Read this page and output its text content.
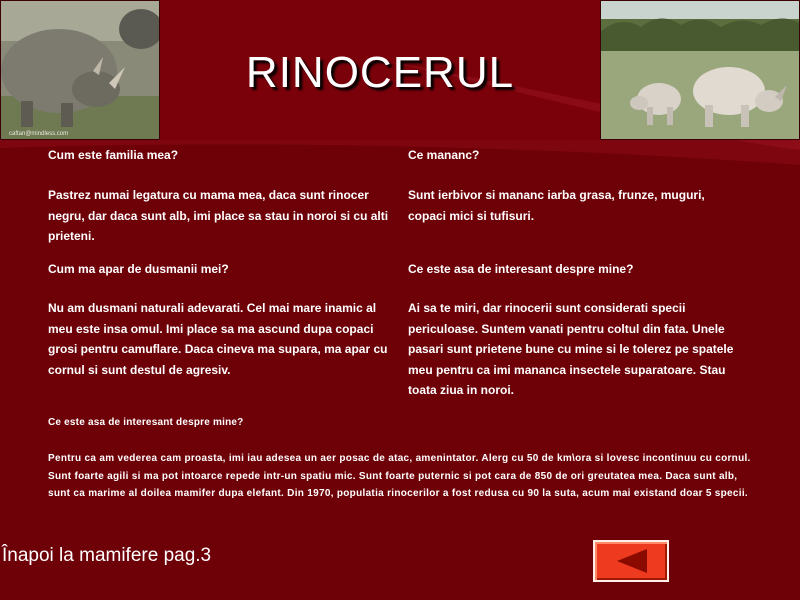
caftan@mindless.com
RINOCERUL
Cum este familia mea?
Pastrez numai legatura cu mama mea, daca sunt rinocer negru, dar daca sunt alb, imi place sa stau in noroi si cu alti prieteni.
Ce mananc?
Sunt ierbivor si mananc iarba grasa, frunze, muguri, copaci mici si tufisuri.
Cum ma apar de dusmanii mei?
Nu am dusmani naturali adevarati. Cel mai mare inamic al meu este insa omul. Imi place sa ma ascund dupa copaci grosi pentru camuflare. Daca cineva ma supara, ma apar cu cornul si sunt destul de agresiv.
Ce este asa de interesant despre mine?
Ai sa te miri, dar rinocerii sunt considerati specii periculoase. Suntem vanati pentru coltul din fata. Unele pasari sunt prietene bune cu mine si le tolerez pe spatele meu pentru ca imi mananca insectele suparatoare. Stau toata ziua in noroi.
Ce este asa de interesant despre mine?
Pentru ca am vederea cam proasta, imi iau adesea un aer posac de atac, amenintator. Alerg cu 50 de km\ora si lovesc incontinuu cu cornul. Sunt foarte agili si ma pot intoarce repede intr-un spatiu mic. Sunt foarte puternic si pot cara de 850 de ori greutatea mea. Daca sunt alb, sunt ca marime al doilea mamifer dupa elefant. Din 1970, populatia rinocerilor a fost redusa cu 90 la suta, acum mai existand doar 5 specii.
Înapoi la mamifere pag.3
